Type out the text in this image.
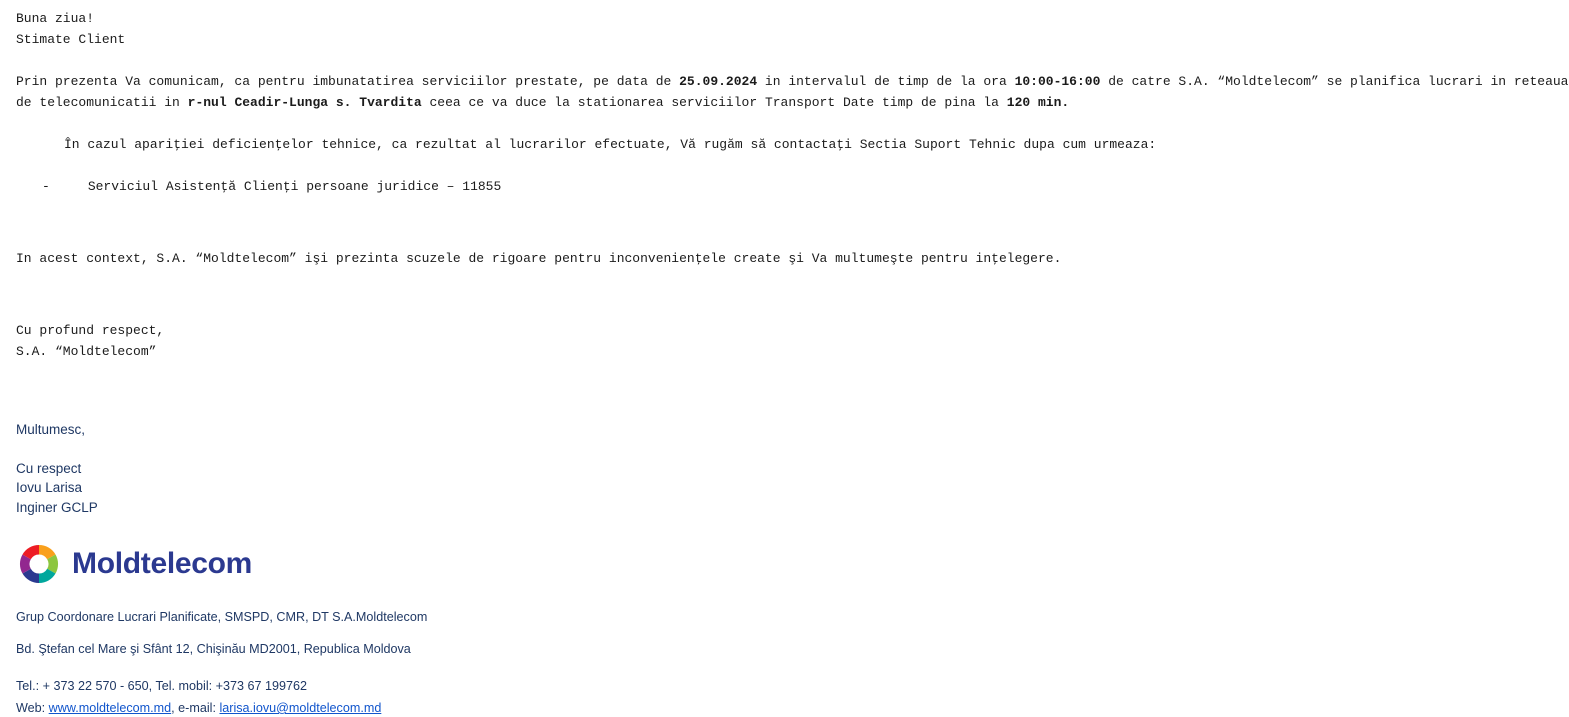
Buna ziua!

Stimate Client

Prin prezenta Va comunicam, ca pentru imbunatatirea serviciilor prestate, pe data de 25.09.2024 in intervalul de timp de la ora 10:00-16:00 de catre S.A. “Moldtelecom” se planifica lucrari in reteaua de telecomunicatii in r-nul Ceadir-Lunga s. Tvardita ceea ce va duce la stationarea serviciilor Transport Date timp de pina la 120 min.

În cazul apariţiei deficienţelor tehnice, ca rezultat al lucrarilor efectuate, Vă rugăm să contactaţi Sectia Suport Tehnic dupa cum urmeaza:

-	Serviciul Asistenţă Clienţi persoane juridice – 11855

In acest context, S.A. “Moldtelecom” işi prezinta scuzele de rigoare pentru inconvenienţele create şi Va multumeşte pentru inţelegere.

Cu profund respect,

S.A. “Moldtelecom”

Multumesc,

Cu respect

Iovu Larisa

Inginer GCLP

Moldtelecom

Grup Coordonare Lucrari Planificate, SMSPD, CMR, DT S.A.Moldtelecom

Bd. Ştefan cel Mare şi Sfânt 12, Chişinău MD2001, Republica Moldova

Tel.: + 373 22 570 - 650, Tel. mobil: +373 67 199762

Web: www.moldtelecom.md, e-mail: larisa.iovu@moldtelecom.md
